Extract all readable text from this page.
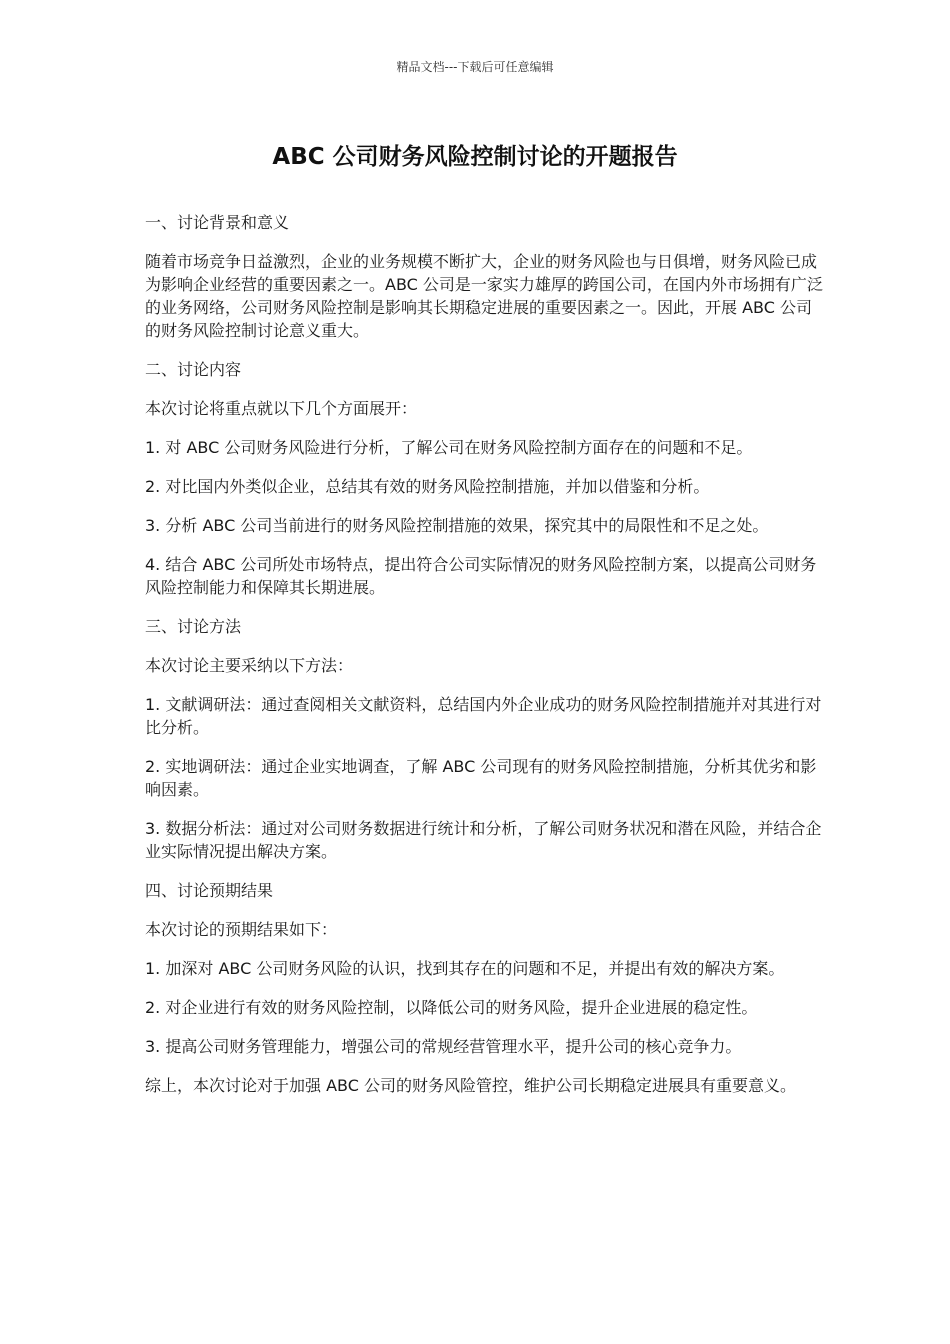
精品文档---下载后可任意编辑
ABC 公司财务风险控制讨论的开题报告

一、讨论背景和意义

随着市场竞争日益激烈，企业的业务规模不断扩大，企业的财务风险也与日俱增，财务风险已成为影响企业经营的重要因素之一。ABC 公司是一家实力雄厚的跨国公司，在国内外市场拥有广泛的业务网络，公司财务风险控制是影响其长期稳定进展的重要因素之一。因此，开展 ABC 公司的财务风险控制讨论意义重大。

二、讨论内容

本次讨论将重点就以下几个方面展开：

1. 对 ABC 公司财务风险进行分析，了解公司在财务风险控制方面存在的问题和不足。

2. 对比国内外类似企业，总结其有效的财务风险控制措施，并加以借鉴和分析。

3. 分析 ABC 公司当前进行的财务风险控制措施的效果，探究其中的局限性和不足之处。

4. 结合 ABC 公司所处市场特点，提出符合公司实际情况的财务风险控制方案，以提高公司财务风险控制能力和保障其长期进展。

三、讨论方法

本次讨论主要采纳以下方法：

1. 文献调研法：通过查阅相关文献资料，总结国内外企业成功的财务风险控制措施并对其进行对比分析。

2. 实地调研法：通过企业实地调查，了解 ABC 公司现有的财务风险控制措施，分析其优劣和影响因素。

3. 数据分析法：通过对公司财务数据进行统计和分析，了解公司财务状况和潜在风险，并结合企业实际情况提出解决方案。

四、讨论预期结果

本次讨论的预期结果如下：

1. 加深对 ABC 公司财务风险的认识，找到其存在的问题和不足，并提出有效的解决方案。

2. 对企业进行有效的财务风险控制，以降低公司的财务风险，提升企业进展的稳定性。

3. 提高公司财务管理能力，增强公司的常规经营管理水平，提升公司的核心竞争力。

综上，本次讨论对于加强 ABC 公司的财务风险管控，维护公司长期稳定进展具有重要意义。
